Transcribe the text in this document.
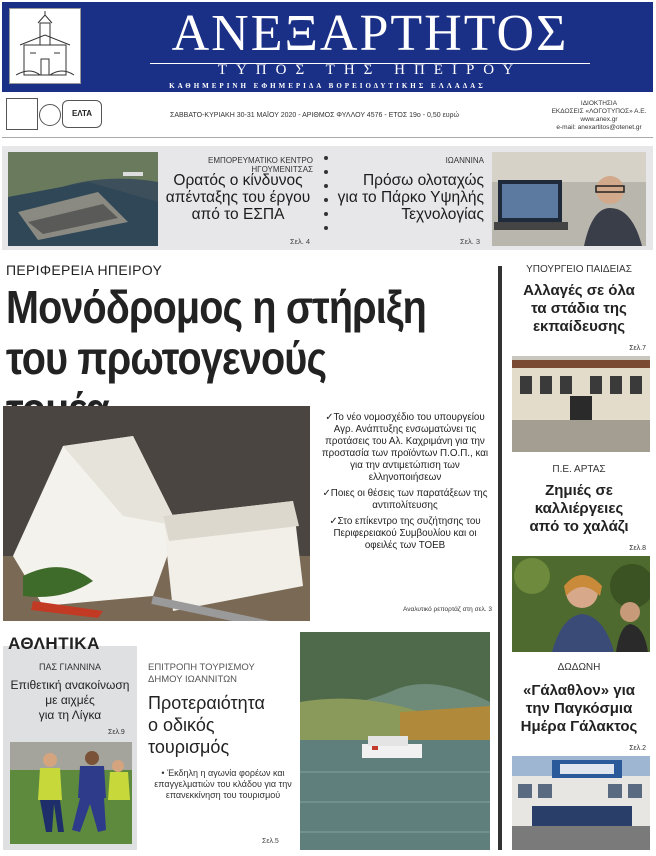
ΑΝΕΞΑΡΤΗΤΟΣ
ΤΥΠΟΣ ΤΗΣ ΗΠΕΙΡΟΥ
ΚΑΘΗΜΕΡΙΝΗ ΕΦΗΜΕΡΙΔΑ ΒΟΡΕΙΟΔΥΤΙΚΗΣ ΕΛΛΑΔΑΣ
ΕΛΤΑ	ΣΑΒΒΑΤΟ-ΚΥΡΙΑΚΗ 30-31 ΜΑΪΟΥ 2020 - ΑΡΙΘΜΟΣ ΦΥΛΛΟΥ 4576 - ΕΤΟΣ 19ο - 0,50 ευρώ
ΙΔΙΟΚΤΗΣΙΑ
ΕΚΔΟΣΕΙΣ «ΛΟΓΟΤΥΠΟΣ» Α.Ε.
www.anex.gr
e-mail: anexartitos@otenet.gr
ΕΜΠΟΡΕΥΜΑΤΙΚΟ ΚΕΝΤΡΟ ΗΓΟΥΜΕΝΙΤΣΑΣ
Ορατός ο κίνδυνος
απένταξης του έργου
από το ΕΣΠΑ
Σελ. 4
ΙΩΑΝΝΙΝΑ
Πρόσω ολοταχώς
για το Πάρκο Υψηλής
Τεχνολογίας
Σελ. 3
ΠΕΡΙΦΕΡΕΙΑ ΗΠΕΙΡΟΥ
Μονόδρομος η στήριξη
του πρωτογενούς
✓Το νέο νομοσχέδιο του υπουργείου Αγρ. Ανάπτυξης ενσωματώνει τις προτάσεις του Αλ. Καχριμάνη για την προστασία των προϊόντων Π.Ο.Π., και για την αντιμετώπιση των ελληνοποιήσεων
✓Ποιες οι θέσεις των παρατάξεων της αντιπολίτευσης
✓Στο επίκεντρο της συζήτησης του Περιφερειακού Συμβουλίου και οι οφειλές των ΤΟΕΒ
Αναλυτικό ρεπορτάζ στη σελ. 3
ΥΠΟΥΡΓΕΙΟ ΠΑΙΔΕΙΑΣ
Αλλαγές σε όλα
τα στάδια της
εκπαίδευσης
Σελ.7
Π.Ε. ΑΡΤΑΣ
Ζημιές σε
καλλιέργειες
από το χαλάζι
Σελ.8
ΔΩΔΩΝΗ
«Γάλαθλον» για
την Παγκόσμια
Ημέρα Γάλακτος
Σελ.2
ΑΘΛΗΤΙΚΑ
ΠΑΣ ΓΙΑΝΝΙΝΑ
Επιθετική ανακοίνωση
με αιχμές
για τη Λίγκα
Σελ.9
ΕΠΙΤΡΟΠΗ ΤΟΥΡΙΣΜΟΥ
ΔΗΜΟΥ ΙΩΑΝΝΙΤΩΝ
Προτεραιότητα
ο οδικός
τουρισμός
• Έκδηλη η αγωνία φορέων και επαγγελματιών του κλάδου για την επανεκκίνηση του τουρισμού
Σελ.5
